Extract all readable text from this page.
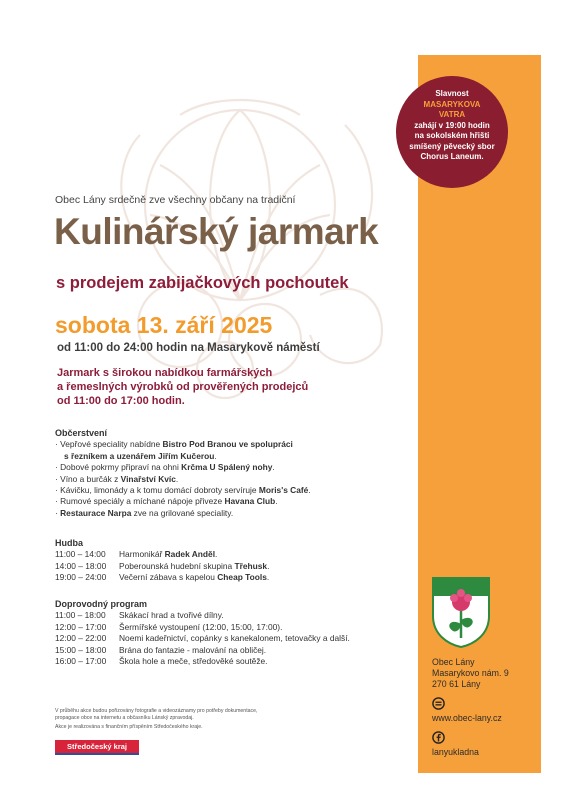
Slavnost
MASARYKOVA
VATRA
zahájí v 19:00 hodin
na sokolském hřišti
smíšený pěvecký sbor
Chorus Laneum.
Obec Lány srdečně zve všechny občany na tradiční
Kulinářský jarmark
s prodejem zabijačkových pochoutek
sobota 13. září 2025
od 11:00 do 24:00 hodin na Masarykově náměstí
Jarmark s širokou nabídkou farmářských
a řemeslných výrobků od prověřených prodejců
od 11:00 do 17:00 hodin.
Občerstvení
· Vepřové speciality nabídne Bistro Pod Branou ve spolupráci
s řezníkem a uzenářem Jiřím Kučerou.
· Dobové pokrmy připraví na ohni Krčma U Spálený nohy.
· Víno a burčák z Vinařství Kvíc.
· Kávičku, limonády a k tomu domácí dobroty servíruje Moris's Café.
· Rumové speciály a míchané nápoje přiveze Havana Club.
· Restaurace Narpa zve na grilované speciality.
Hudba
11:00 – 14:00 Harmonikář Radek Anděl.
14:00 – 18:00 Poberounská hudební skupina Třehusk.
19:00 – 24:00 Večerní zábava s kapelou Cheap Tools.
Doprovodný program
11:00 – 18:00 Skákací hrad a tvořivé dílny.
12:00 – 17:00 Šermířské vystoupení (12:00, 15:00, 17:00).
12:00 – 22:00 Noemi kadeřnictví, copánky s kanekalonem, tetovačky a další.
15:00 – 18:00 Brána do fantazie - malování na obličej.
16:00 – 17:00 Škola hole a meče, středověké soutěže.
V průběhu akce budou pořizovány fotografie a videozáznamy pro potřeby dokumentace,
propagace obce na internetu a občasníku Lánský zpravodaj.
Akce je realizována s finančním příspěním Středočeského kraje.
Středočeský kraj
Obec Lány
Masarykovo nám. 9
270 61 Lány
www.obec-lany.cz
lanyukladna
